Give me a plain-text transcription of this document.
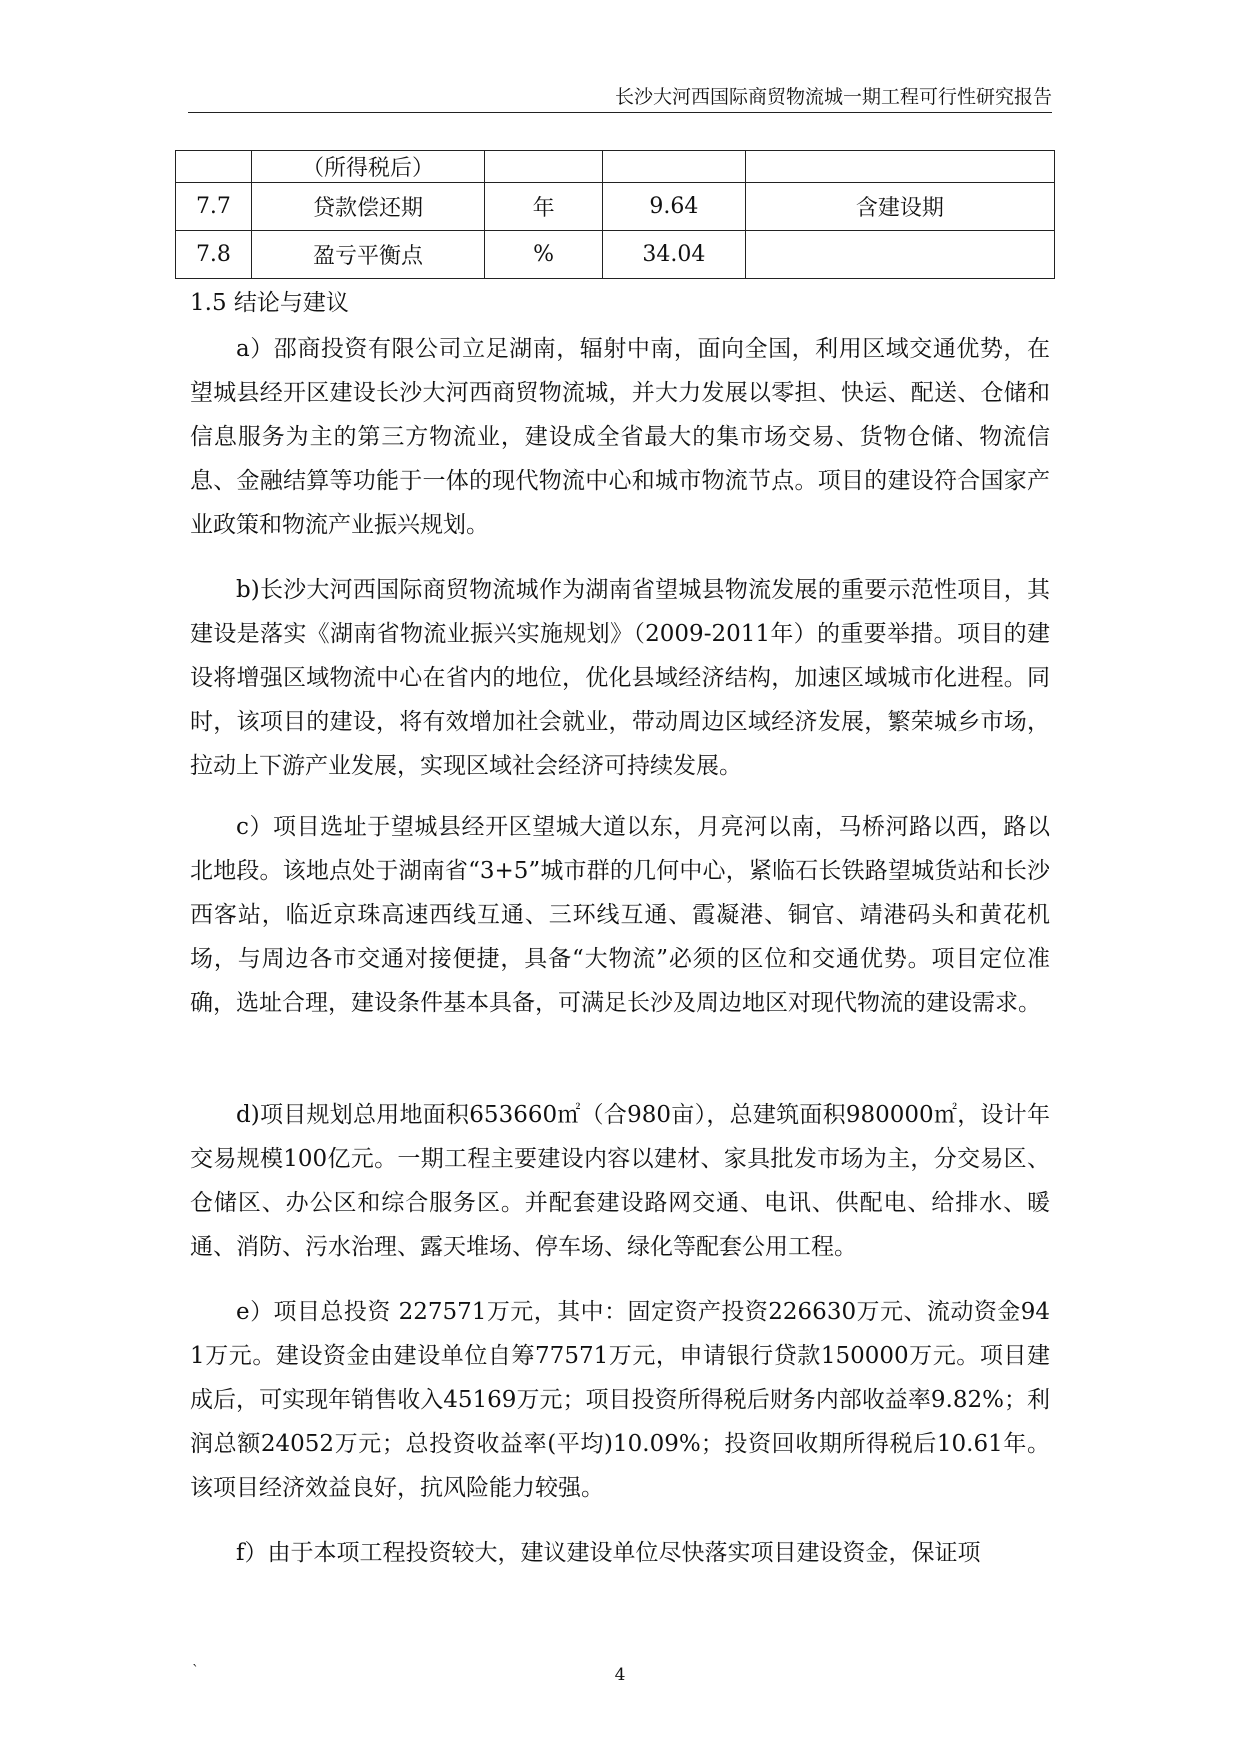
长沙大河西国际商贸物流城一期工程可行性研究报告
	（所得税后）			
7.7	贷款偿还期	年	9.64	含建设期
7.8	盈亏平衡点	%	34.04	
1.5 结论与建议

a）邵商投资有限公司立足湖南，辐射中南，面向全国，利用区域交通优势，在望城县经开区建设长沙大河西商贸物流城，并大力发展以零担、快运、配送、仓储和信息服务为主的第三方物流业，建设成全省最大的集市场交易、货物仓储、物流信息、金融结算等功能于一体的现代物流中心和城市物流节点。项目的建设符合国家产业政策和物流产业振兴规划。

b)长沙大河西国际商贸物流城作为湖南省望城县物流发展的重要示范性项目，其建设是落实《湖南省物流业振兴实施规划》（2009-2011年）的重要举措。项目的建设将增强区域物流中心在省内的地位，优化县域经济结构，加速区域城市化进程。同时，该项目的建设，将有效增加社会就业，带动周边区域经济发展，繁荣城乡市场，拉动上下游产业发展，实现区域社会经济可持续发展。

c）项目选址于望城县经开区望城大道以东，月亮河以南，马桥河路以西，路以北地段。该地点处于湖南省“3+5”城市群的几何中心，紧临石长铁路望城货站和长沙西客站，临近京珠高速西线互通、三环线互通、霞凝港、铜官、靖港码头和黄花机场，与周边各市交通对接便捷，具备“大物流”必须的区位和交通优势。项目定位准确，选址合理，建设条件基本具备，可满足长沙及周边地区对现代物流的建设需求。

d)项目规划总用地面积653660㎡（合980亩），总建筑面积980000㎡，设计年交易规模100亿元。一期工程主要建设内容以建材、家具批发市场为主，分交易区、仓储区、办公区和综合服务区。并配套建设路网交通、电讯、供配电、给排水、暖通、消防、污水治理、露天堆场、停车场、绿化等配套公用工程。

e）项目总投资 227571万元，其中：固定资产投资226630万元、流动资金941万元。建设资金由建设单位自筹77571万元，申请银行贷款150000万元。项目建成后，可实现年销售收入45169万元；项目投资所得税后财务内部收益率9.82%；利润总额24052万元；总投资收益率(平均)10.09%；投资回收期所得税后10.61年。该项目经济效益良好，抗风险能力较强。

f）由于本项工程投资较大，建议建设单位尽快落实项目建设资金，保证项

`	4
